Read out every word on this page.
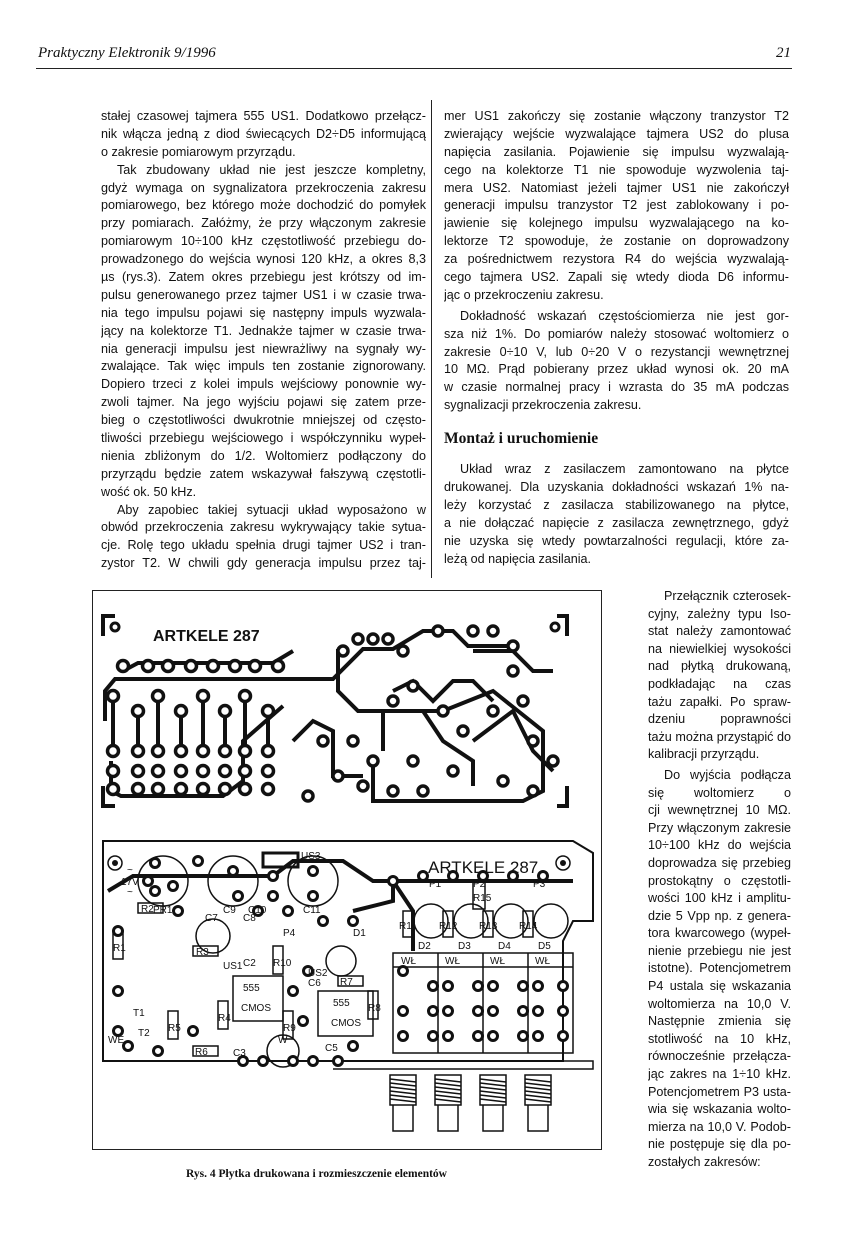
Praktyczny Elektronik 9/1996	21
stałej czasowej tajmera 555 US1. Dodatkowo przełącz-
nik włącza jedną z diod świecących D2÷D5 informującą
o zakresie pomiarowym przyrządu.
Tak zbudowany układ nie jest jeszcze kompletny,
gdyż wymaga on sygnalizatora przekroczenia zakresu
pomiarowego, bez którego może dochodzić do pomyłek
przy pomiarach. Załóżmy, że przy włączonym zakresie
pomiarowym 10÷100 kHz częstotliwość przebiegu do-
prowadzonego do wejścia wynosi 120 kHz, a okres 8,3
µs (rys.3). Zatem okres przebiegu jest krótszy od im-
pulsu generowanego przez tajmer US1 i w czasie trwa-
nia tego impulsu pojawi się następny impuls wyzwala-
jący na kolektorze T1. Jednakże tajmer w czasie trwa-
nia generacji impulsu jest niewrażliwy na sygnały wy-
zwalające. Tak więc impuls ten zostanie zignorowany.
Dopiero trzeci z kolei impuls wejściowy ponownie wy-
zwoli tajmer. Na jego wyjściu pojawi się zatem prze-
bieg o częstotliwości dwukrotnie mniejszej od często-
tliwości przebiegu wejściowego i współczynniku wypeł-
nienia zbliżonym do 1/2. Woltomierz podłączony do
przyrządu będzie zatem wskazywał fałszywą częstotli-
wość ok. 50 kHz.
Aby zapobiec takiej sytuacji układ wyposażono w
obwód przekroczenia zakresu wykrywający takie sytua-
cje. Rolę tego układu spełnia drugi tajmer US2 i tran-
zystor T2. W chwili gdy generacja impulsu przez taj-
mer US1 zakończy się zostanie włączony tranzystor T2
zwierający wejście wyzwalające tajmera US2 do plusa
napięcia zasilania. Pojawienie się impulsu wyzwalają-
cego na kolektorze T1 nie spowoduje wyzwolenia taj-
mera US2. Natomiast jeżeli tajmer US1 nie zakończył
generacji impulsu tranzystor T2 jest zablokowany i po-
jawienie się kolejnego impulsu wyzwalającego na ko-
lektorze T2 spowoduje, że zostanie on doprowadzony
za pośrednictwem rezystora R4 do wejścia wyzwalają-
cego tajmera US2. Zapali się wtedy dioda D6 informu-
jąc o przekroczeniu zakresu.
Dokładność wskazań częstościomierza nie jest gor-
sza niż 1%. Do pomiarów należy stosować woltomierz o
zakresie 0÷10 V, lub 0÷20 V o rezystancji wewnętrznej
10 MΩ. Prąd pobierany przez układ wynosi ok. 20 mA
w czasie normalnej pracy i wzrasta do 35 mA podczas
sygnalizacji przekroczenia zakresu.
Montaż i uruchomienie
Układ wraz z zasilaczem zamontowano na płytce
drukowanej. Dla uzyskania dokładności wskazań 1% na-
leży korzystać z zasilacza stabilizowanego na płytce,
a nie dołączać napięcie z zasilacza zewnętrznego, gdyż
nie uzyska się wtedy powtarzalności regulacji, które za-
leżą od napięcia zasilania.
Przełącznik czterosek-
cyjny, zależny typu Iso-
stat należy zamontować
na niewielkiej wysokości
nad płytką drukowaną,
podkładając na czas
tażu zapałki. Po spraw-
dzeniu poprawności
tażu można przystąpić do
kalibracji przyrządu.
Do wyjścia podłącza
się woltomierz o
cji wewnętrznej 10 MΩ.
Przy włączonym zakresie
10÷100 kHz do wejścia
doprowadza się przebieg
prostokątny o częstotli-
wości 100 kHz i amplitu-
dzie 5 Vpp np. z genera-
tora kwarcowego (wypeł-
nienie przebiegu nie jest
istotne). Potencjometrem
P4 ustala się wskazania
woltomierza na 10,0 V.
Następnie zmienia się
stotliwość na 10 kHz,
równocześnie przełącza-
jąc zakres na 1÷10 kHz.
Potencjometrem P3 usta-
wia się wskazania wolto-
mierza na 10,0 V. Podob-
nie postępuje się dla po-
zostałych zakresów:
ARTKELE 287
~
~
17V
PR1	C9 C10	C11
US3
R2
R1	R3
R5
R4
R6
R9
R10
R7
R8
R15
C7	C8
C2
C3	C5
C6
P4
US1
US2
555
CMOS	555
CMOS
WE
T1
T2
W
D1
P1	P2	P3
D2	D3	D4	D5
R11 R12 R13 R14
WŁ	WŁ	WŁ	WŁ
ARTKELE 287
Rys. 4 Płytka drukowana i rozmieszczenie elementów
